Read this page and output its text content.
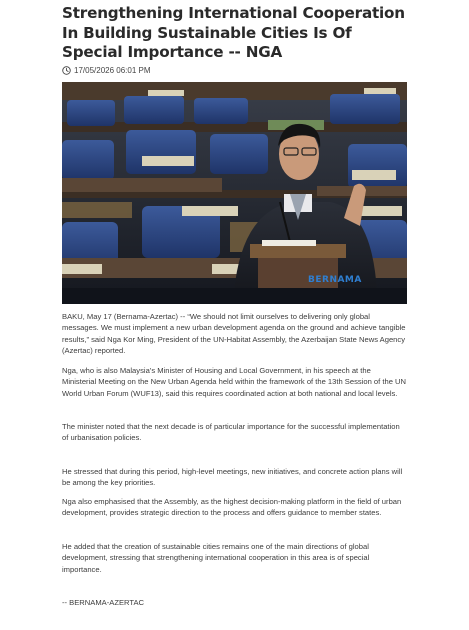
Strengthening International Cooperation In Building Sustainable Cities Is Of Special Importance -- NGA
17/05/2026 06:01 PM
BERNAMA

BAKU, May 17 (Bernama-Azertac) -- “We should not limit ourselves to delivering only global messages. We must implement a new urban development agenda on the ground and achieve tangible results,” said Nga Kor Ming, President of the UN-Habitat Assembly, the Azerbaijan State News Agency (Azertac) reported.

Nga, who is also Malaysia’s Minister of Housing and Local Government, in his speech at the Ministerial Meeting on the New Urban Agenda held within the framework of the 13th Session of the UN World Urban Forum (WUF13), said this requires coordinated action at both national and local levels.

The minister noted that the next decade is of particular importance for the successful implementation of urbanisation policies.

He stressed that during this period, high-level meetings, new initiatives, and concrete action plans will be among the key priorities.

Nga also emphasised that the Assembly, as the highest decision-making platform in the field of urban development, provides strategic direction to the process and offers guidance to member states.

He added that the creation of sustainable cities remains one of the main directions of global development, stressing that strengthening international cooperation in this area is of special importance.

-- BERNAMA-AZERTAC
